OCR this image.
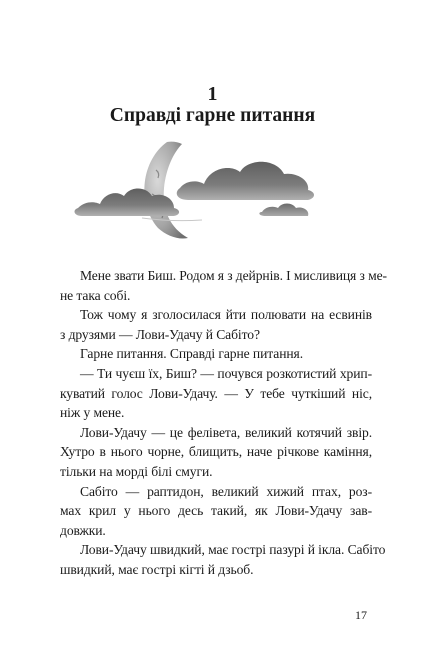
1
Справді гарне питання

Мене звати Биш. Родом я з дейрнів. І мисливиця з ме-
не така собі.

Тож чому я зголосилася йти полювати на есвинів
з друзями — Лови-Удачу й Сабіто?

Гарне питання. Справді гарне питання.

— Ти чуєш їх, Биш? — почувся розкотистий хрип-
куватий голос Лови-Удачу. — У тебе чуткіший ніс,
ніж у мене.

Лови-Удачу — це фелівета, великий котячий звір.
Хутро в нього чорне, блищить, наче річкове каміння,
тільки на морді білі смуги.

Сабіто — раптидон, великий хижий птах, роз-
мах крил у нього десь такий, як Лови-Удачу зав-
довжки.

Лови-Удачу швидкий, має гострі пазурі й ікла. Сабіто
швидкий, має гострі кігті й дзьоб.

17
